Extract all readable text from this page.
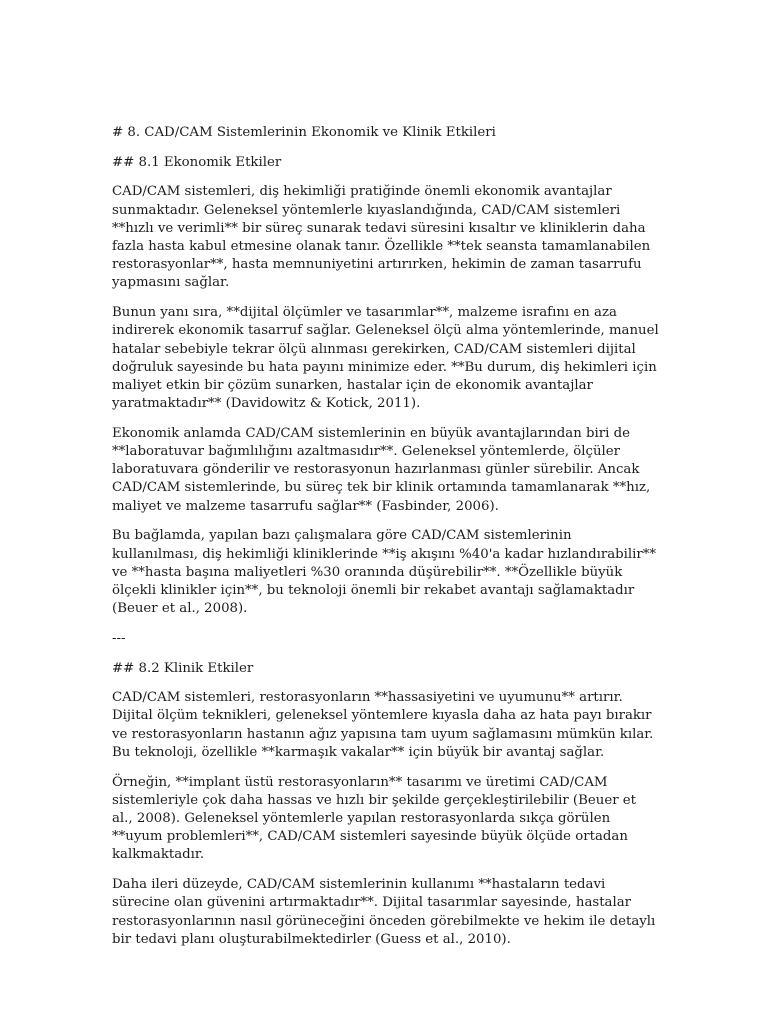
# 8. CAD/CAM Sistemlerinin Ekonomik ve Klinik Etkileri

## 8.1 Ekonomik Etkiler

CAD/CAM sistemleri, diş hekimliği pratiğinde önemli ekonomik avantajlar sunmaktadır. Geleneksel yöntemlerle kıyaslandığında, CAD/CAM sistemleri **hızlı ve verimli** bir süreç sunarak tedavi süresini kısaltır ve kliniklerin daha fazla hasta kabul etmesine olanak tanır. Özellikle **tek seansta tamamlanabilen restorasyonlar**, hasta memnuniyetini artırırken, hekimin de zaman tasarrufu yapmasını sağlar.

Bunun yanı sıra, **dijital ölçümler ve tasarımlar**, malzeme israfını en aza indirerek ekonomik tasarruf sağlar. Geleneksel ölçü alma yöntemlerinde, manuel hatalar sebebiyle tekrar ölçü alınması gerekirken, CAD/CAM sistemleri dijital doğruluk sayesinde bu hata payını minimize eder. **Bu durum, diş hekimleri için maliyet etkin bir çözüm sunarken, hastalar için de ekonomik avantajlar yaratmaktadır** (Davidowitz & Kotick, 2011).

Ekonomik anlamda CAD/CAM sistemlerinin en büyük avantajlarından biri de **laboratuvar bağımlılığını azaltmasıdır**. Geleneksel yöntemlerde, ölçüler laboratuvara gönderilir ve restorasyonun hazırlanması günler sürebilir. Ancak CAD/CAM sistemlerinde, bu süreç tek bir klinik ortamında tamamlanarak **hız, maliyet ve malzeme tasarrufu sağlar** (Fasbinder, 2006).

Bu bağlamda, yapılan bazı çalışmalara göre CAD/CAM sistemlerinin kullanılması, diş hekimliği kliniklerinde **iş akışını %40'a kadar hızlandırabilir** ve **hasta başına maliyetleri %30 oranında düşürebilir**. **Özellikle büyük ölçekli klinikler için**, bu teknoloji önemli bir rekabet avantajı sağlamaktadır (Beuer et al., 2008).

---

## 8.2 Klinik Etkiler

CAD/CAM sistemleri, restorasyonların **hassasiyetini ve uyumunu** artırır. Dijital ölçüm teknikleri, geleneksel yöntemlere kıyasla daha az hata payı bırakır ve restorasyonların hastanın ağız yapısına tam uyum sağlamasını mümkün kılar. Bu teknoloji, özellikle **karmaşık vakalar** için büyük bir avantaj sağlar.

Örneğin, **implant üstü restorasyonların** tasarımı ve üretimi CAD/CAM sistemleriyle çok daha hassas ve hızlı bir şekilde gerçekleştirilebilir (Beuer et al., 2008). Geleneksel yöntemlerle yapılan restorasyonlarda sıkça görülen **uyum problemleri**, CAD/CAM sistemleri sayesinde büyük ölçüde ortadan kalkmaktadır.

Daha ileri düzeyde, CAD/CAM sistemlerinin kullanımı **hastaların tedavi sürecine olan güvenini artırmaktadır**. Dijital tasarımlar sayesinde, hastalar restorasyonlarının nasıl görüneceğini önceden görebilmekte ve hekim ile detaylı bir tedavi planı oluşturabilmektedirler (Guess et al., 2010).
